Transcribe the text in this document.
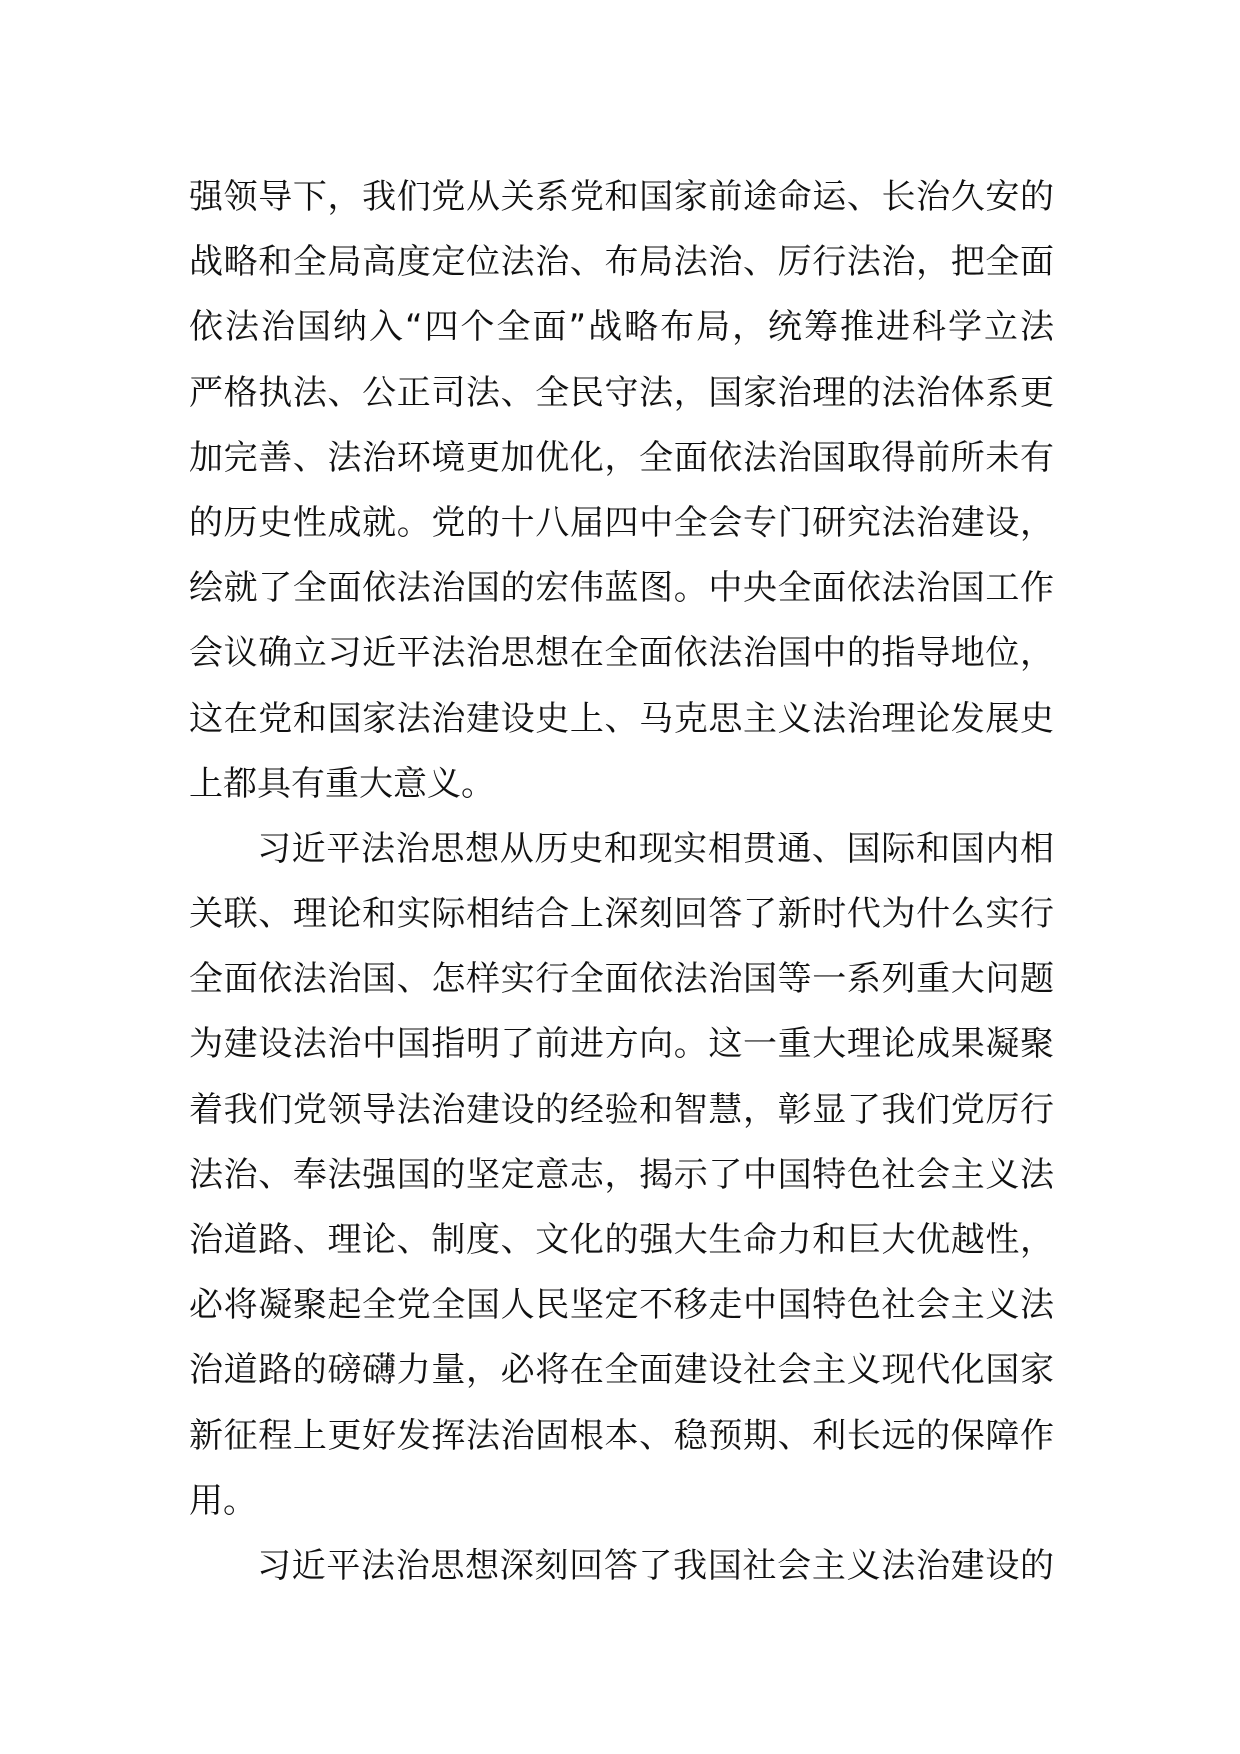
强领导下，我们党从关系党和国家前途命运、长治久安的
战略和全局高度定位法治、布局法治、厉行法治，把全面
依法治国纳入“四个全面”战略布局，统筹推进科学立法
严格执法、公正司法、全民守法，国家治理的法治体系更
加完善、法治环境更加优化，全面依法治国取得前所未有
的历史性成就。党的十八届四中全会专门研究法治建设，
绘就了全面依法治国的宏伟蓝图。中央全面依法治国工作
会议确立习近平法治思想在全面依法治国中的指导地位，
这在党和国家法治建设史上、马克思主义法治理论发展史
上都具有重大意义。
习近平法治思想从历史和现实相贯通、国际和国内相
关联、理论和实际相结合上深刻回答了新时代为什么实行
全面依法治国、怎样实行全面依法治国等一系列重大问题
为建设法治中国指明了前进方向。这一重大理论成果凝聚
着我们党领导法治建设的经验和智慧，彰显了我们党厉行
法治、奉法强国的坚定意志，揭示了中国特色社会主义法
治道路、理论、制度、文化的强大生命力和巨大优越性，
必将凝聚起全党全国人民坚定不移走中国特色社会主义法
治道路的磅礴力量，必将在全面建设社会主义现代化国家
新征程上更好发挥法治固根本、稳预期、利长远的保障作
用。
习近平法治思想深刻回答了我国社会主义法治建设的
